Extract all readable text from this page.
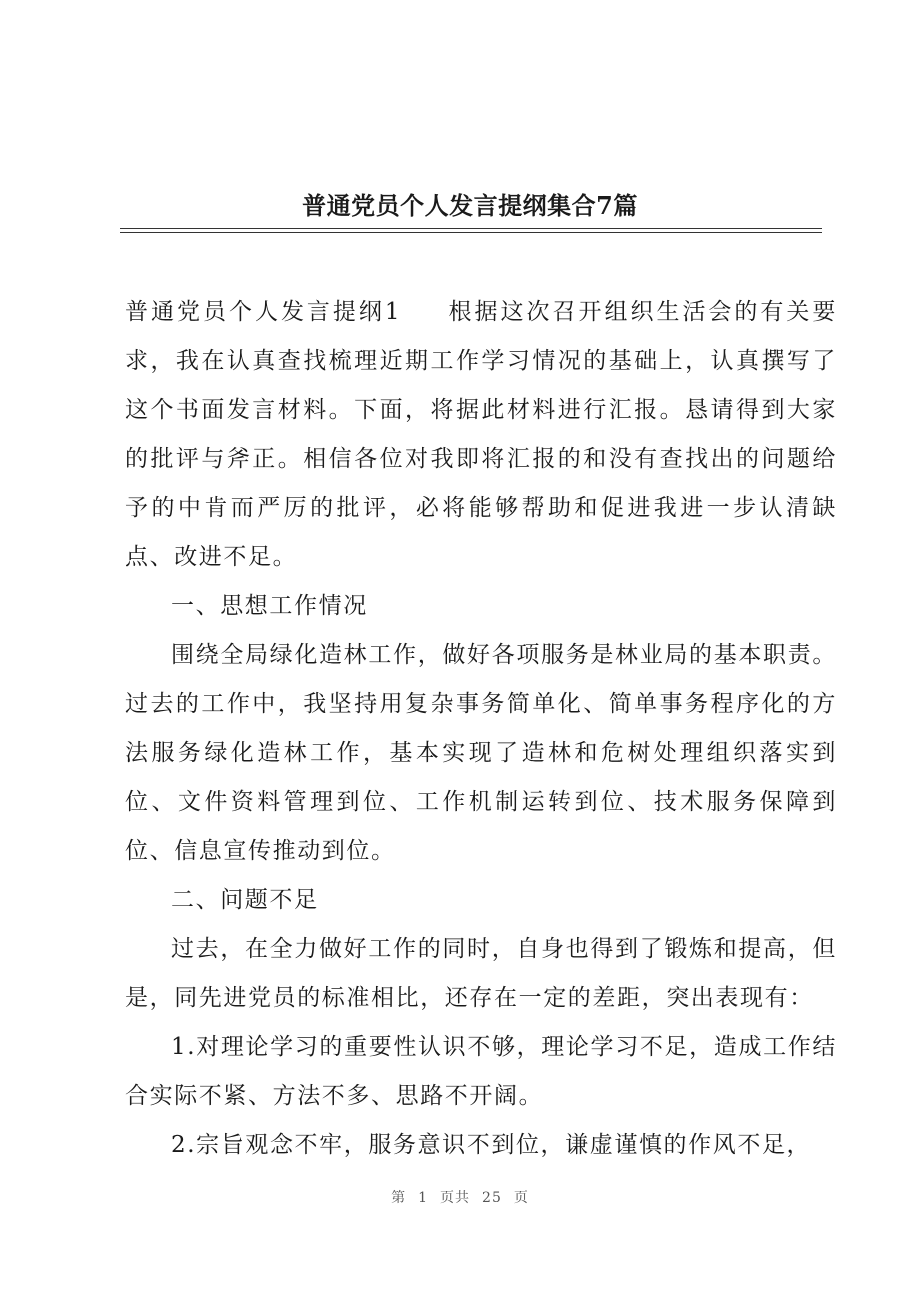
普通党员个人发言提纲集合7篇

普通党员个人发言提纲1 根据这次召开组织生活会的有关要求，我在认真查找梳理近期工作学习情况的基础上，认真撰写了这个书面发言材料。下面，将据此材料进行汇报。恳请得到大家的批评与斧正。相信各位对我即将汇报的和没有查找出的问题给予的中肯而严厉的批评，必将能够帮助和促进我进一步认清缺点、改进不足。

一、思想工作情况

围绕全局绿化造林工作，做好各项服务是林业局的基本职责。过去的工作中，我坚持用复杂事务简单化、简单事务程序化的方法服务绿化造林工作，基本实现了造林和危树处理组织落实到位、文件资料管理到位、工作机制运转到位、技术服务保障到位、信息宣传推动到位。

二、问题不足

过去，在全力做好工作的同时，自身也得到了锻炼和提高，但是，同先进党员的标准相比，还存在一定的差距，突出表现有：

1.对理论学习的重要性认识不够，理论学习不足，造成工作结合实际不紧、方法不多、思路不开阔。

2.宗旨观念不牢，服务意识不到位，谦虚谨慎的作风不足，

第 1 页共 25 页
